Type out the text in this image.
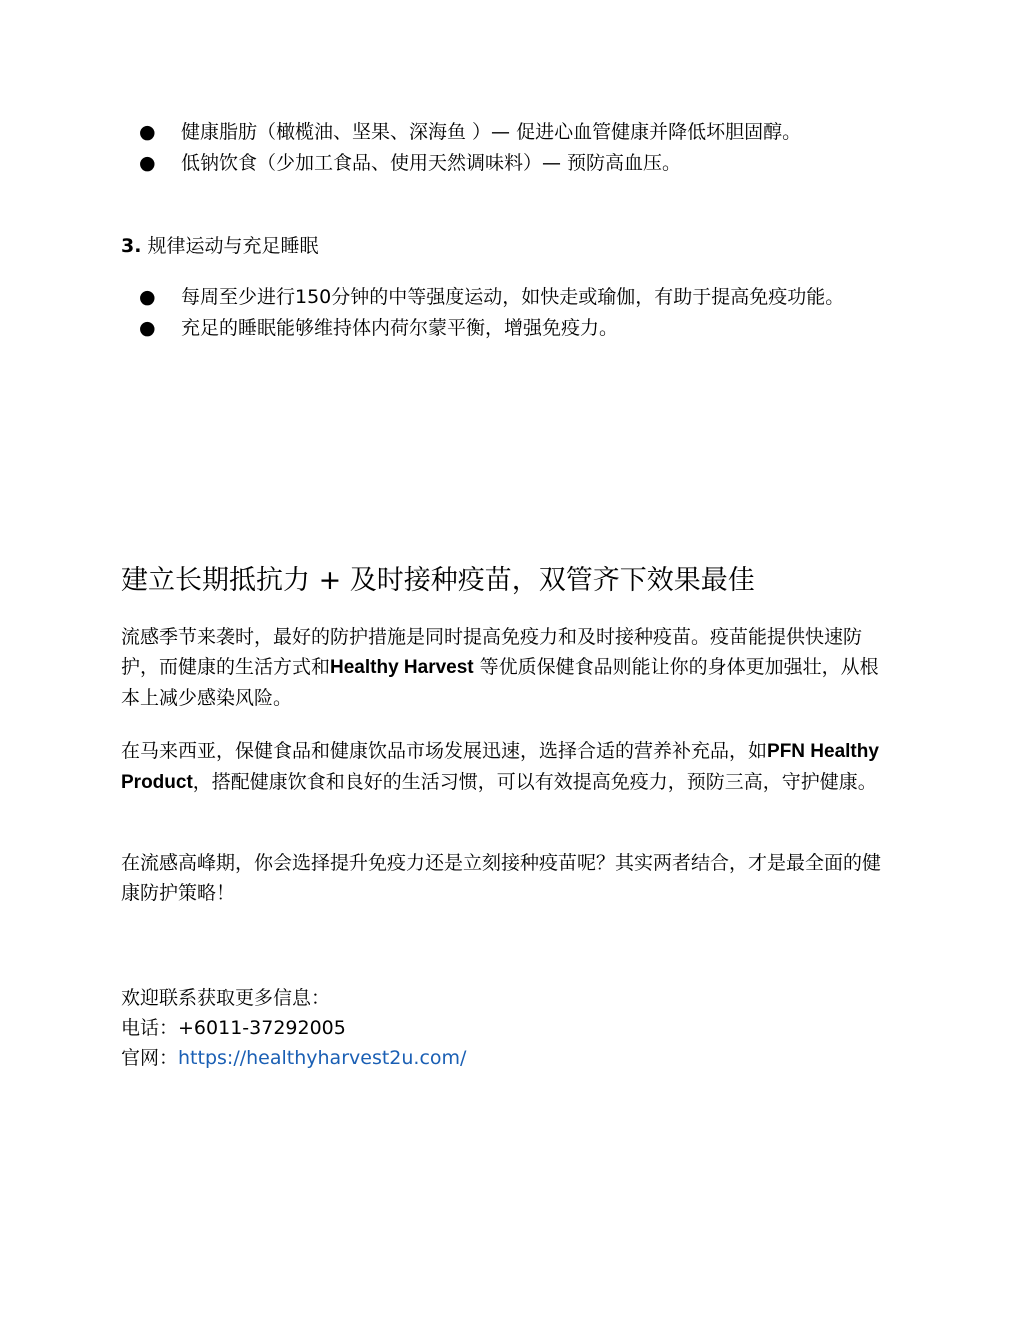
● 健康脂肪（橄榄油、坚果、深海鱼 ）— 促进心血管健康并降低坏胆固醇。
● 低钠饮食（少加工食品、使用天然调味料）— 预防高血压。
3. 规律运动与充足睡眠
● 每周至少进行150分钟的中等强度运动，如快走或瑜伽，有助于提高免疫功能。
● 充足的睡眠能够维持体内荷尔蒙平衡，增强免疫力。
建立长期抵抗力 + 及时接种疫苗，双管齐下效果最佳

流感季节来袭时，最好的防护措施是同时提高免疫力和及时接种疫苗。疫苗能提供快速防护，而健康的生活方式和Healthy Harvest 等优质保健食品则能让你的身体更加强壮，从根本上减少感染风险。

在马来西亚，保健食品和健康饮品市场发展迅速，选择合适的营养补充品，如PFN Healthy Product，搭配健康饮食和良好的生活习惯，可以有效提高免疫力，预防三高，守护健康。

在流感高峰期，你会选择提升免疫力还是立刻接种疫苗呢？其实两者结合，才是最全面的健康防护策略！

欢迎联系获取更多信息：
电话：+6011-37292005
官网：https://healthyharvest2u.com/
